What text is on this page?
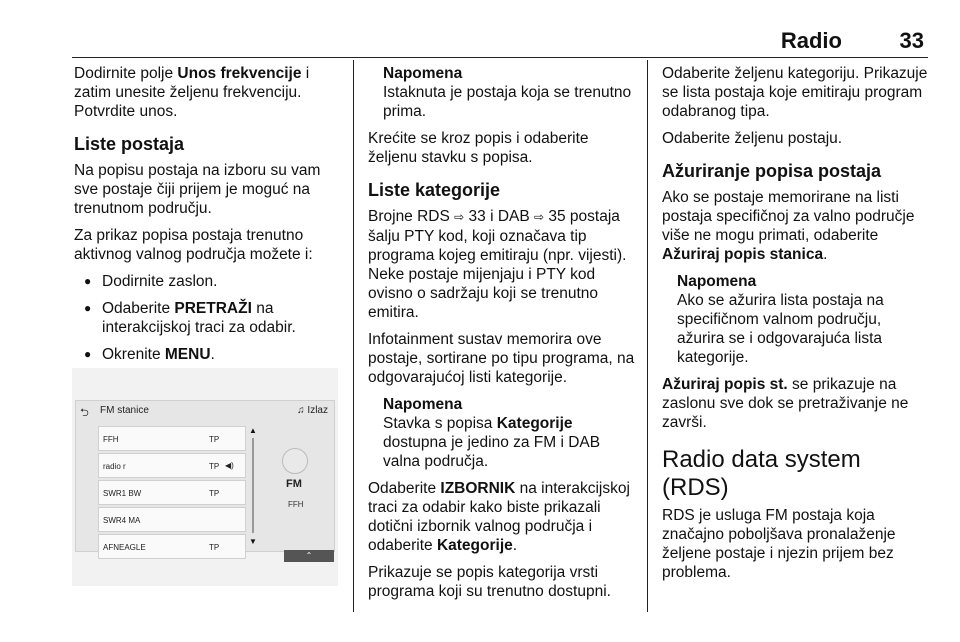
Radio	33

Dodirnite polje Unos frekvencije i zatim unesite željenu frekvenciju. Potvrdite unos.

Liste postaja

Na popisu postaja na izboru su vam sve postaje čiji prijem je moguć na trenutnom području.

Za prikaz popisa postaja trenutno aktivnog valnog područja možete i:

● Dodirnite zaslon.
● Odaberite PRETRAŽI na interakcijskoj traci za odabir.
● Okrenite MENU.

⮌ FM stanice	♫ Izlaz
FFH	TP
radio r	TP ◀)
SWR1 BW	TP
SWR4 MA
AFNEAGLE	TP
▲
▼
FM
FFH
⌃
Napomena
Istaknuta je postaja koja se trenutno prima.

Krećite se kroz popis i odaberite željenu stavku s popisa.

Liste kategorije

Brojne RDS ⇨ 33 i DAB ⇨ 35 postaja šalju PTY kod, koji označava tip programa kojeg emitiraju (npr. vijesti). Neke postaje mijenjaju i PTY kod ovisno o sadržaju koji se trenutno emitira.

Infotainment sustav memorira ove postaje, sortirane po tipu programa, na odgovarajućoj listi kategorije.

Napomena
Stavka s popisa Kategorije dostupna je jedino za FM i DAB valna područja.

Odaberite IZBORNIK na interakcijskoj traci za odabir kako biste prikazali dotični izbornik valnog područja i odaberite Kategorije.

Prikazuje se popis kategorija vrsti programa koji su trenutno dostupni.

Odaberite željenu kategoriju. Prikazuje se lista postaja koje emitiraju program odabranog tipa.

Odaberite željenu postaju.

Ažuriranje popisa postaja

Ako se postaje memorirane na listi postaja specifičnoj za valno područje više ne mogu primati, odaberite Ažuriraj popis stanica.

Napomena
Ako se ažurira lista postaja na specifičnom valnom području, ažurira se i odgovarajuća lista kategorije.

Ažuriraj popis st. se prikazuje na zaslonu sve dok se pretraživanje ne završi.

Radio data system (RDS)

RDS je usluga FM postaja koja značajno poboljšava pronalaženje željene postaje i njezin prijem bez problema.
